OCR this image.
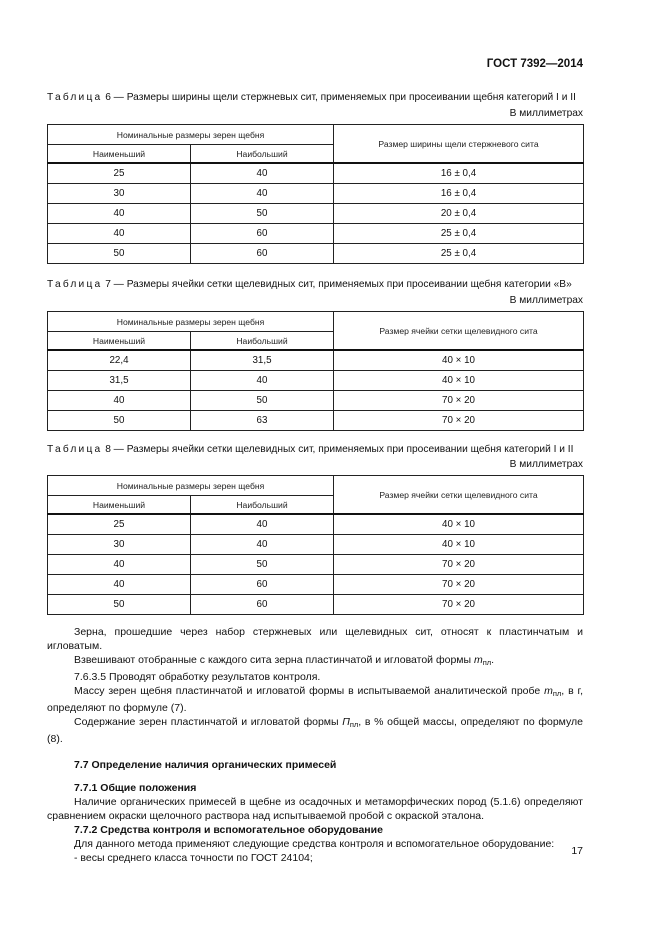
ГОСТ 7392—2014
Таблица 6 — Размеры ширины щели стержневых сит, применяемых при просеивании щебня категорий I и II
В миллиметрах
Номинальные размеры зерен щебня		Размер ширины щели стержневого сита
Наименьший	Наибольший	
25	40	16 ± 0,4
30	40	16 ± 0,4
40	50	20 ± 0,4
40	60	25 ± 0,4
50	60	25 ± 0,4
Таблица 7 — Размеры ячейки сетки щелевидных сит, применяемых при просеивании щебня категории «В»
В миллиметрах
Номинальные размеры зерен щебня		Размер ячейки сетки щелевидного сита
Наименьший	Наибольший	
22,4	31,5	40 × 10
31,5	40	40 × 10
40	50	70 × 20
50	63	70 × 20
Таблица 8 — Размеры ячейки сетки щелевидных сит, применяемых при просеивании щебня категорий I и II
В миллиметрах
Номинальные размеры зерен щебня		Размер ячейки сетки щелевидного сита
Наименьший	Наибольший	
25	40	40 × 10
30	40	40 × 10
40	50	70 × 20
40	60	70 × 20
50	60	70 × 20

Зерна, прошедшие через набор стержневых или щелевидных сит, относят к пластинчатым и игловатым.

Взвешивают отобранные с каждого сита зерна пластинчатой и игловатой формы $m_{пл}$.

7.6.3.5 Проводят обработку результатов контроля.

Массу зерен щебня пластинчатой и игловатой формы в испытываемой аналитической пробе $m_{пл}$, в г, определяют по формуле (7).

Содержание зерен пластинчатой и игловатой формы $П_{пл}$, в % общей массы, определяют по формуле (8).

7.7 Определение наличия органических примесей

7.7.1 Общие положения

Наличие органических примесей в щебне из осадочных и метаморфических пород (5.1.6) определяют сравнением окраски щелочного раствора над испытываемой пробой с окраской эталона.

7.7.2 Средства контроля и вспомогательное оборудование

Для данного метода применяют следующие средства контроля и вспомогательное оборудование:

- весы среднего класса точности по ГОСТ 24104;

17
